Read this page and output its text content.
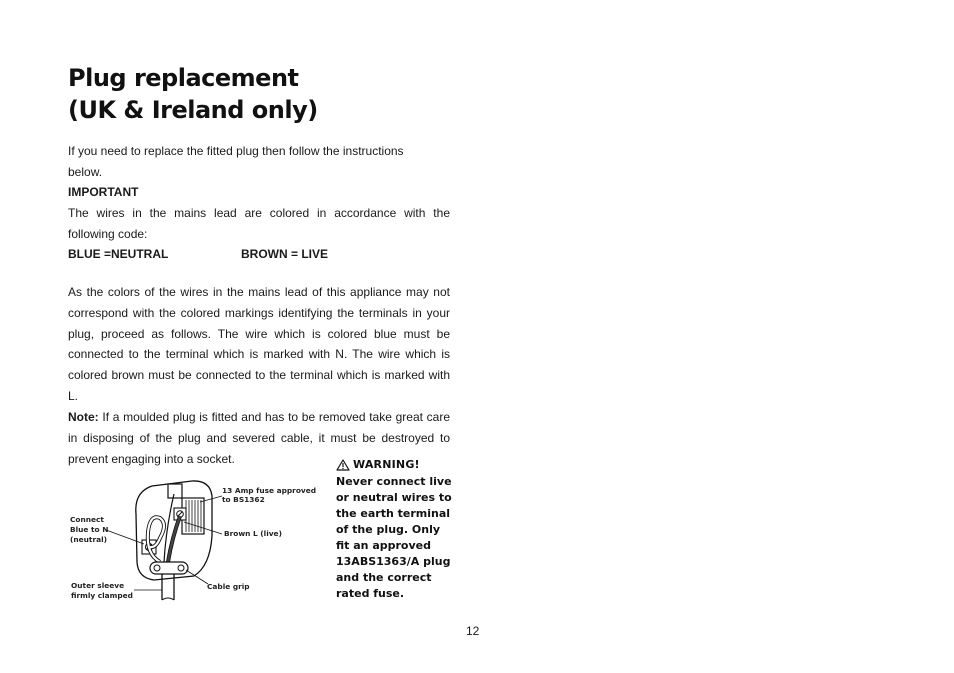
Plug replacement
(UK & Ireland only)

If you need to replace the fitted plug then follow the instructions below.

IMPORTANT

The wires in the mains lead are colored in accordance with the following code:

BLUE =NEUTRAL	BROWN = LIVE

As the colors of the wires in the mains lead of this appliance may not correspond with the colored markings identifying the terminals in your plug, proceed as follows. The wire which is colored blue must be connected to the terminal which is marked with N. The wire which is colored brown must be connected to the terminal which is marked with L.

Note: If a moulded plug is fitted and has to be removed take great care in disposing of the plug and severed cable, it must be destroyed to prevent engaging into a socket.	WARNING!
Never connect live or neutral wires to the earth terminal of the plug. Only fit an approved 13ABS1363/A plug and the correct rated fuse.
13 Amp fuse approved
to BS1362
Connect
Blue to N
(neutral)
Brown L (live)
Outer sleeve
firmly clamped
Cable grip
12
